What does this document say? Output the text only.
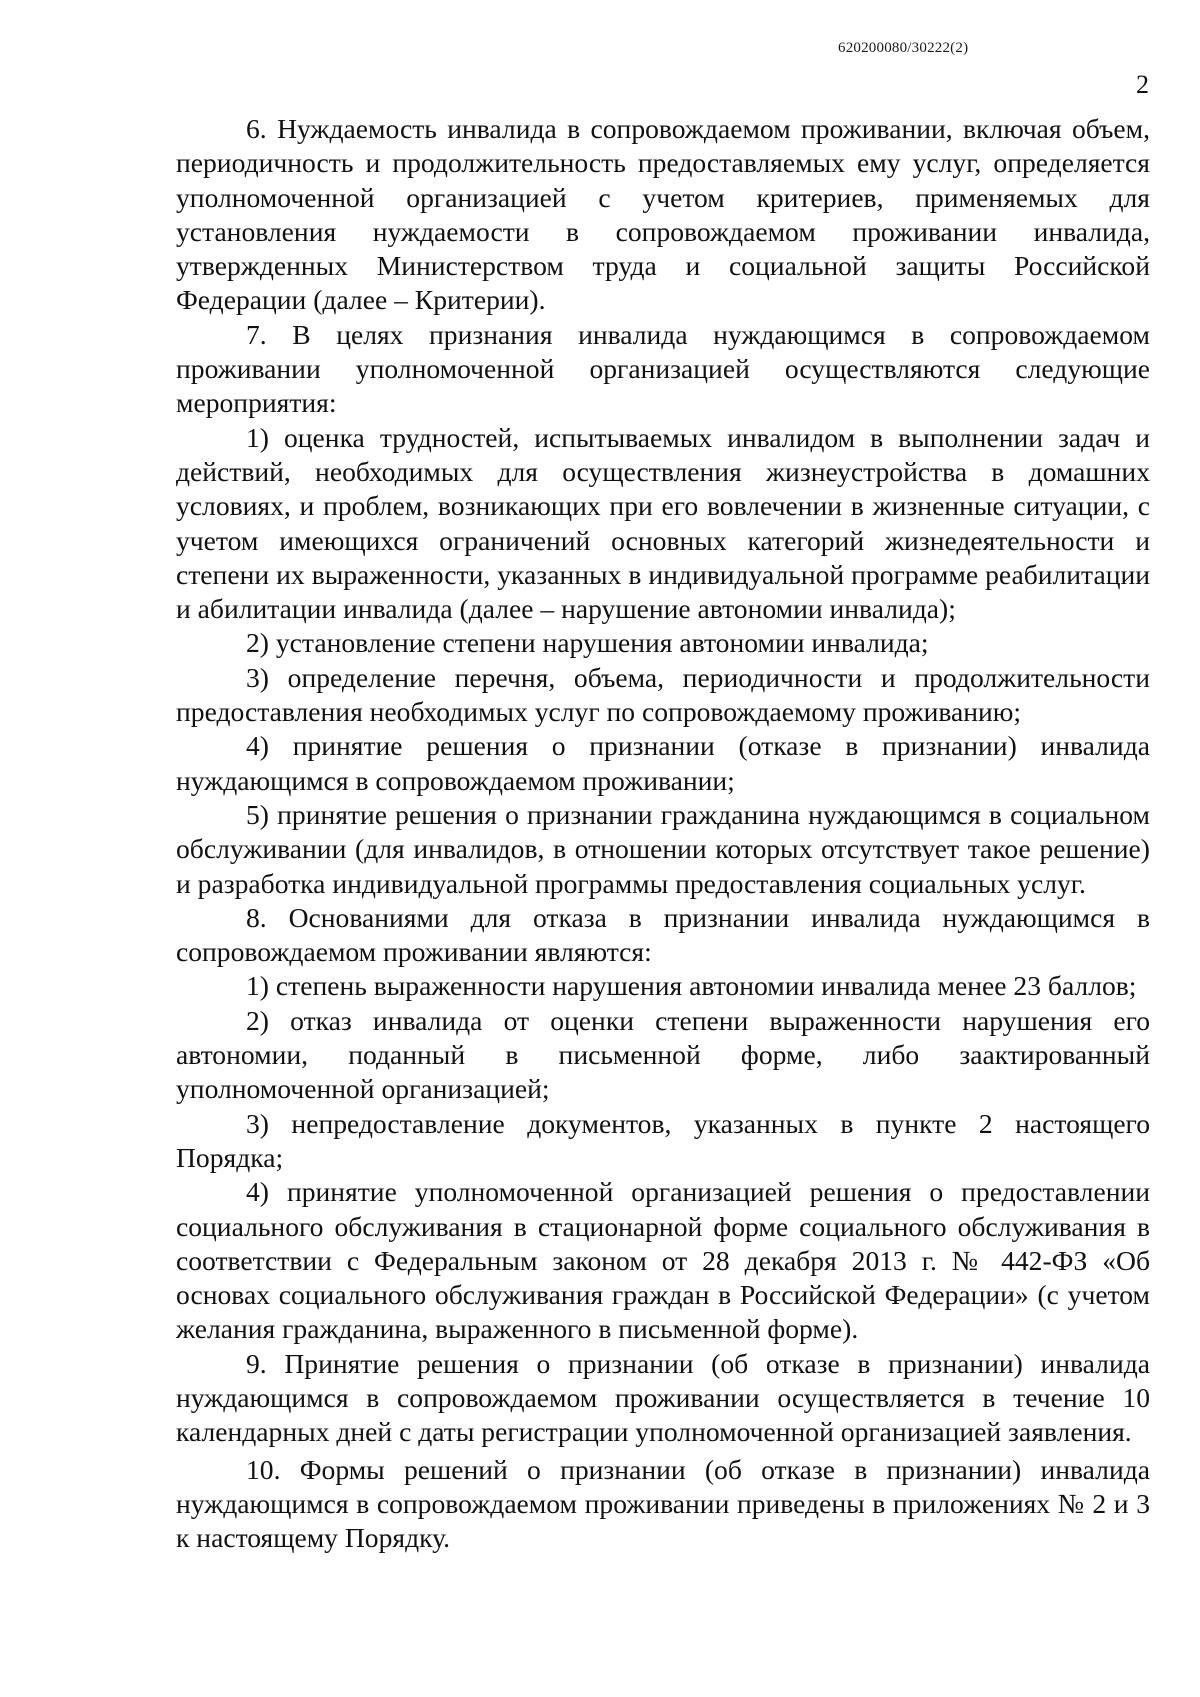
620200080/30222(2)
2

6. Нуждаемость инвалида в сопровождаемом проживании, включая объем, периодичность и продолжительность предоставляемых ему услуг, определяется уполномоченной организацией с учетом критериев, применяемых для установления нуждаемости в сопровождаемом проживании инвалида, утвержденных Министерством труда и социальной защиты Российской Федерации (далее – Критерии).

7. В целях признания инвалида нуждающимся в сопровождаемом проживании уполномоченной организацией осуществляются следующие мероприятия:

1) оценка трудностей, испытываемых инвалидом в выполнении задач и действий, необходимых для осуществления жизнеустройства в домашних условиях, и проблем, возникающих при его вовлечении в жизненные ситуации, с учетом имеющихся ограничений основных категорий жизнедеятельности и степени их выраженности, указанных в индивидуальной программе реабилитации и абилитации инвалида (далее – нарушение автономии инвалида);

2) установление степени нарушения автономии инвалида;

3) определение перечня, объема, периодичности и продолжительности предоставления необходимых услуг по сопровождаемому проживанию;

4) принятие решения о признании (отказе в признании) инвалида нуждающимся в сопровождаемом проживании;

5) принятие решения о признании гражданина нуждающимся в социальном обслуживании (для инвалидов, в отношении которых отсутствует такое решение) и разработка индивидуальной программы предоставления социальных услуг.

8. Основаниями для отказа в признании инвалида нуждающимся в сопровождаемом проживании являются:

1) степень выраженности нарушения автономии инвалида менее 23 баллов;

2) отказ инвалида от оценки степени выраженности нарушения его автономии, поданный в письменной форме, либо заактированный уполномоченной организацией;

3) непредоставление документов, указанных в пункте 2 настоящего Порядка;

4) принятие уполномоченной организацией решения о предоставлении социального обслуживания в стационарной форме социального обслуживания в соответствии с Федеральным законом от 28 декабря 2013 г. № 442-ФЗ «Об основах социального обслуживания граждан в Российской Федерации» (с учетом желания гражданина, выраженного в письменной форме).

9. Принятие решения о признании (об отказе в признании) инвалида нуждающимся в сопровождаемом проживании осуществляется в течение 10 календарных дней с даты регистрации уполномоченной организацией заявления.

10. Формы решений о признании (об отказе в признании) инвалида нуждающимся в сопровождаемом проживании приведены в приложениях № 2 и 3 к настоящему Порядку.
